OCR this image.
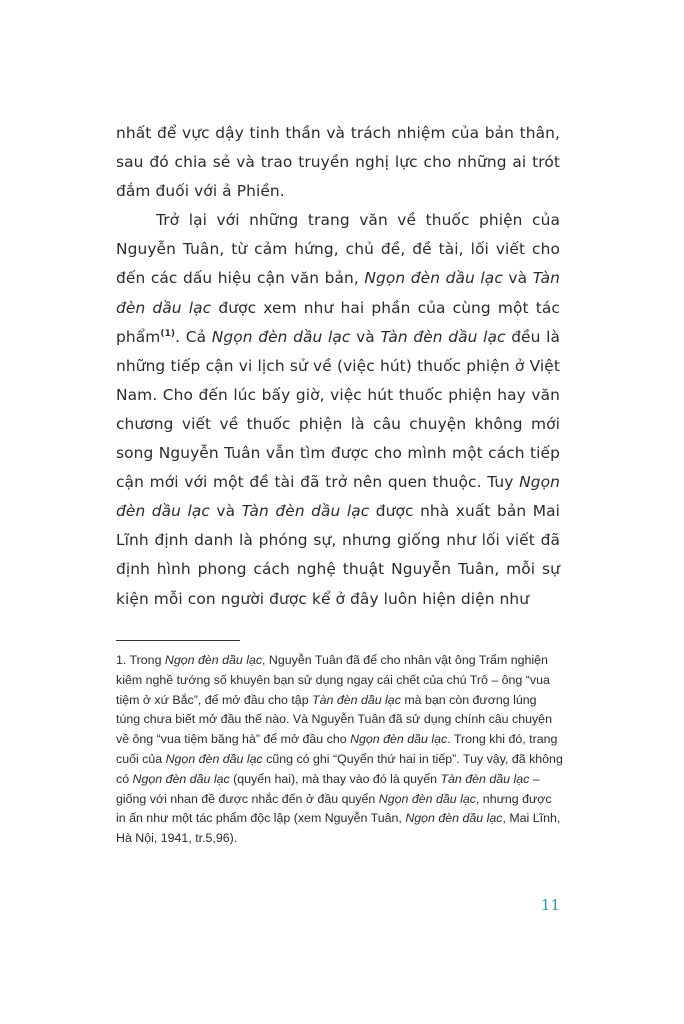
nhất để vực dậy tinh thần và trách nhiệm của bản thân, sau đó chia sẻ và trao truyền nghị lực cho những ai trót đắm đuối với ả Phiền.

Trở lại với những trang văn về thuốc phiện của Nguyễn Tuân, từ cảm hứng, chủ đề, đề tài, lối viết cho đến các dấu hiệu cận văn bản, Ngọn đèn dầu lạc và Tàn đèn dầu lạc được xem như hai phần của cùng một tác phẩm$^{(1)}$. Cả Ngọn đèn dầu lạc và Tàn đèn dầu lạc đều là những tiếp cận vi lịch sử về (việc hút) thuốc phiện ở Việt Nam. Cho đến lúc bấy giờ, việc hút thuốc phiện hay văn chương viết về thuốc phiện là câu chuyện không mới song Nguyễn Tuân vẫn tìm được cho mình một cách tiếp cận mới với một đề tài đã trở nên quen thuộc. Tuy Ngọn đèn dầu lạc và Tàn đèn dầu lạc được nhà xuất bản Mai Lĩnh định danh là phóng sự, nhưng giống như lối viết đã định hình phong cách nghệ thuật Nguyễn Tuân, mỗi sự kiện mỗi con người được kể ở đây luôn hiện diện như

1. Trong Ngọn đèn dầu lạc, Nguyễn Tuân đã để cho nhân vật ông Trẩm nghiện kiêm nghề tướng số khuyên bạn sử dụng ngay cái chết của chú Trô – ông “vua tiệm ở xứ Bắc”, để mở đầu cho tập Tàn đèn dầu lạc mà bạn còn đương lúng túng chưa biết mở đầu thế nào. Và Nguyễn Tuân đã sử dụng chính câu chuyện về ông “vua tiệm băng hà” để mở đầu cho Ngọn đèn dầu lạc. Trong khi đó, trang cuối của Ngọn đèn dầu lạc cũng có ghi “Quyển thứ hai in tiếp”. Tuy vậy, đã không có Ngọn đèn dầu lạc (quyển hai), mà thay vào đó là quyển Tàn đèn dầu lạc – giống với nhan đề được nhắc đến ở đầu quyển Ngọn đèn dầu lạc, nhưng được in ấn như một tác phẩm độc lập (xem Nguyễn Tuân, Ngọn đèn dầu lạc, Mai Lĩnh, Hà Nội, 1941, tr.5,96).
11
